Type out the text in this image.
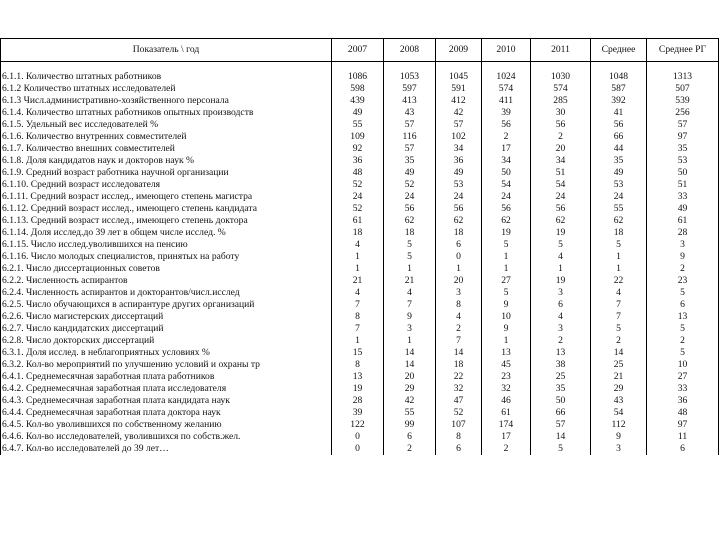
Показатель \ год	2007	2008	2009	2010	2011	Среднее	Среднее РГ

6.1.1. Количество штатных работников	1086	1053	1045	1024	1030	1048	1313
6.1.2 Количество штатных исследователей	598	597	591	574	574	587	507
6.1.3 Числ.административно-хозяйственного персонала	439	413	412	411	285	392	539
6.1.4. Количество штатных работников опытных производств	49	43	42	39	30	41	256
6.1.5. Удельный вес исследователей %	55	57	57	56	56	56	57
6.1.6. Количество внутренних совместителей	109	116	102	2	2	66	97
6.1.7. Количество внешних совместителей	92	57	34	17	20	44	35
6.1.8. Доля кандидатов наук и докторов наук %	36	35	36	34	34	35	53
6.1.9. Средний возраст работника научной организации	48	49	49	50	51	49	50
6.1.10. Средний возраст исследователя	52	52	53	54	54	53	51
6.1.11. Средний возраст исслед., имеющего степень магистра	24	24	24	24	24	24	33
6.1.12. Средний возраст исслед., имеющего степень кандидата	52	56	56	56	56	55	49
6.1.13. Средний возраст исслед., имеющего степень доктора	61	62	62	62	62	62	61
6.1.14. Доля исслед.до 39 лет в общем числе исслед. %	18	18	18	19	19	18	28
6.1.15. Число исслед.уволившихся на пенсию	4	5	6	5	5	5	3
6.1.16. Число молодых специалистов, принятых на работу	1	5	0	1	4	1	9
6.2.1. Число диссертационных советов	1	1	1	1	1	1	2
6.2.2. Численность аспирантов	21	21	20	27	19	22	23
6.2.4. Численность аспирантов и докторантов/числ.исслед	4	4	3	5	3	4	5
6.2.5. Число обучающихся в аспирантуре других организаций	7	7	8	9	6	7	6
6.2.6. Число магистерских диссертаций	8	9	4	10	4	7	13
6.2.7. Число кандидатских диссертаций	7	3	2	9	3	5	5
6.2.8. Число докторских диссертаций	1	1	7	1	2	2	2
6.3.1. Доля исслед. в неблагоприятных условиях %	15	14	14	13	13	14	5
6.3.2. Кол-во мероприятий по улучшению условий и охраны тр	8	14	18	45	38	25	10
6.4.1. Среднемесячная заработная плата работников	13	20	22	23	25	21	27
6.4.2. Среднемесячная заработная плата исследователя	19	29	32	32	35	29	33
6.4.3. Среднемесячная заработная плата кандидата наук	28	42	47	46	50	43	36
6.4.4. Среднемесячная заработная плата доктора наук	39	55	52	61	66	54	48
6.4.5. Кол-во уволившихся по собственному желанию	122	99	107	174	57	112	97
6.4.6. Кол-во исследователей, уволившихся по собств.жел.	0	6	8	17	14	9	11
6.4.7. Кол-во исследователей до 39 лет…	0	2	6	2	5	3	6
